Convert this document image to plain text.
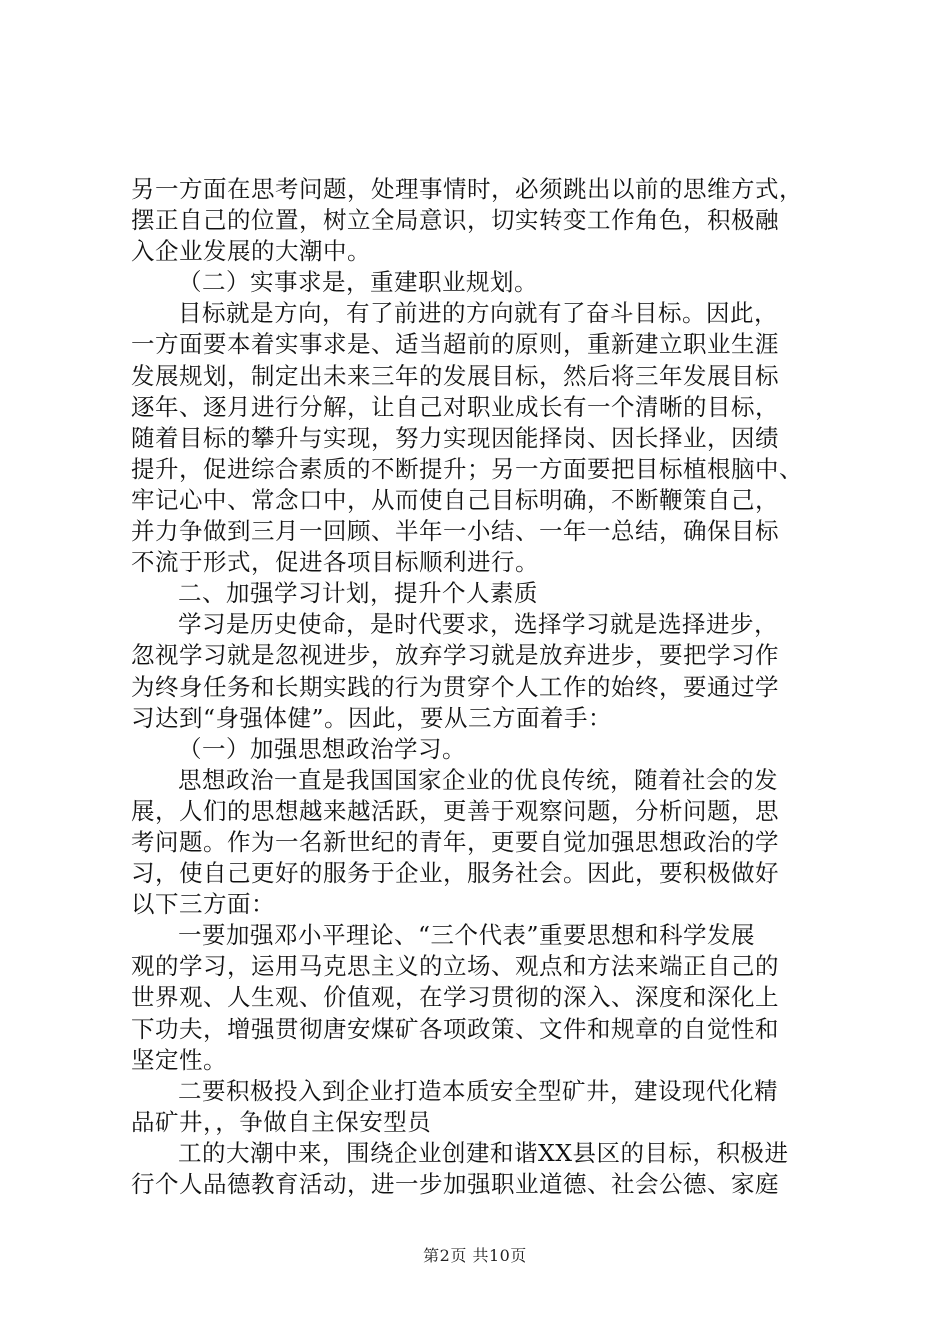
另一方面在思考问题，处理事情时，必须跳出以前的思维方式，
摆正自己的位置，树立全局意识，切实转变工作角色，积极融
入企业发展的大潮中。
（二）实事求是，重建职业规划。
目标就是方向，有了前进的方向就有了奋斗目标。因此，
一方面要本着实事求是、适当超前的原则，重新建立职业生涯
发展规划，制定出未来三年的发展目标，然后将三年发展目标
逐年、逐月进行分解，让自己对职业成长有一个清晰的目标，
随着目标的攀升与实现，努力实现因能择岗、因长择业，因绩
提升，促进综合素质的不断提升；另一方面要把目标植根脑中、
牢记心中、常念口中，从而使自己目标明确，不断鞭策自己，
并力争做到三月一回顾、半年一小结、一年一总结，确保目标
不流于形式，促进各项目标顺利进行。
二、加强学习计划，提升个人素质
学习是历史使命，是时代要求，选择学习就是选择进步，
忽视学习就是忽视进步，放弃学习就是放弃进步，要把学习作
为终身任务和长期实践的行为贯穿个人工作的始终，要通过学
习达到“身强体健”。因此，要从三方面着手：
（一）加强思想政治学习。
思想政治一直是我国国家企业的优良传统，随着社会的发
展，人们的思想越来越活跃，更善于观察问题，分析问题，思
考问题。作为一名新世纪的青年，更要自觉加强思想政治的学
习，使自己更好的服务于企业，服务社会。因此，要积极做好
以下三方面：
一要加强邓小平理论、“三个代表”重要思想和科学发展
观的学习，运用马克思主义的立场、观点和方法来端正自己的
世界观、人生观、价值观，在学习贯彻的深入、深度和深化上
下功夫，增强贯彻唐安煤矿各项政策、文件和规章的自觉性和
坚定性。
二要积极投入到企业打造本质安全型矿井，建设现代化精
品矿井，，争做自主保安型员
工的大潮中来，围绕企业创建和谐XX县区的目标，积极进
行个人品德教育活动，进一步加强职业道德、社会公德、家庭
第2页 共10页
